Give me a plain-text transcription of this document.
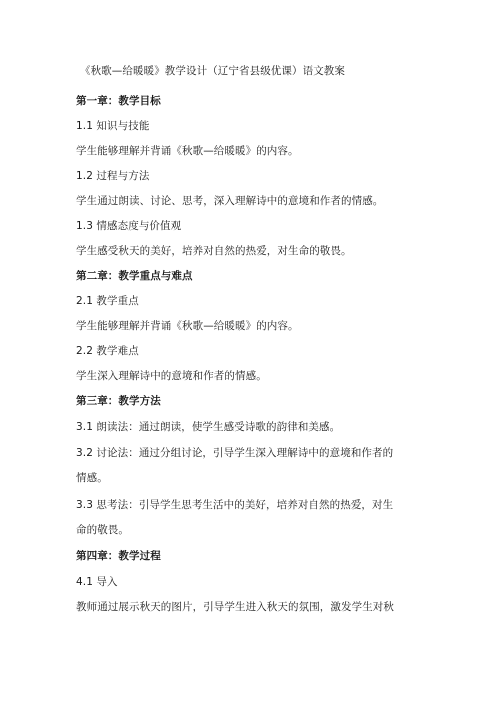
《秋歌—给暖暖》教学设计（辽宁省县级优课）语文教案
第一章：教学目标
1.1 知识与技能
学生能够理解并背诵《秋歌—给暖暖》的内容。
1.2 过程与方法
学生通过朗读、讨论、思考，深入理解诗中的意境和作者的情感。
1.3 情感态度与价值观
学生感受秋天的美好，培养对自然的热爱，对生命的敬畏。
第二章：教学重点与难点
2.1 教学重点
学生能够理解并背诵《秋歌—给暖暖》的内容。
2.2 教学难点
学生深入理解诗中的意境和作者的情感。
第三章：教学方法
3.1 朗读法：通过朗读，使学生感受诗歌的韵律和美感。
3.2 讨论法：通过分组讨论，引导学生深入理解诗中的意境和作者的
情感。
3.3 思考法：引导学生思考生活中的美好，培养对自然的热爱，对生
命的敬畏。
第四章：教学过程
4.1 导入
教师通过展示秋天的图片，引导学生进入秋天的氛围，激发学生对秋
